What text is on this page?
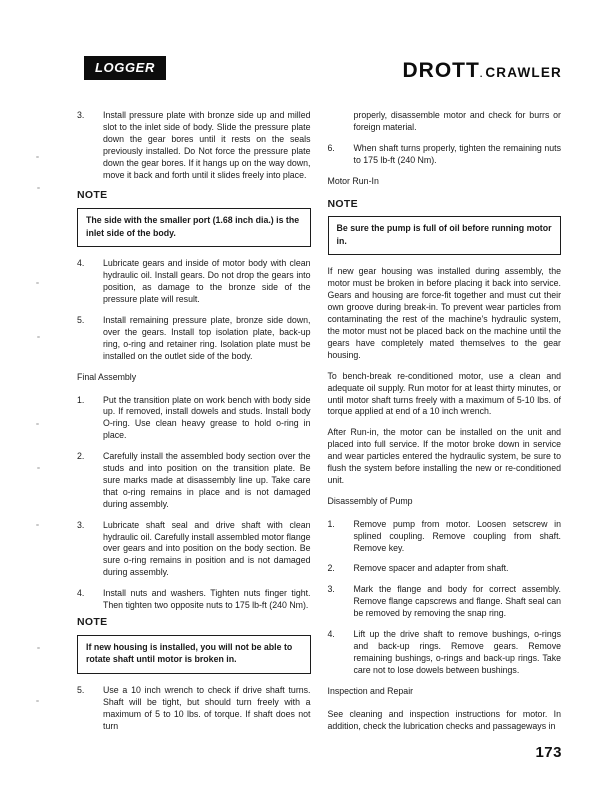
LOGGER	DROTT. CRAWLER
3.	Install pressure plate with bronze side up and milled slot to the inlet side of body. Slide the pressure plate down the gear bores until it rests on the seals previously installed. Do Not force the pressure plate down the gear bores. If it hangs up on the way down, move it back and forth until it slides freely into place.
NOTE
The side with the smaller port (1.68 inch dia.) is the inlet side of the body.
4.	Lubricate gears and inside of motor body with clean hydraulic oil. Install gears. Do not drop the gears into position, as damage to the bronze side of the pressure plate will result.
5.	Install remaining pressure plate, bronze side down, over the gears. Install top isolation plate, back-up ring, o-ring and retainer ring. Isolation plate must be installed on the outlet side of the body.
Final Assembly
1.	Put the transition plate on work bench with body side up. If removed, install dowels and studs. Install body O-ring. Use clean heavy grease to hold o-ring in place.
2.	Carefully install the assembled body section over the studs and into position on the transition plate. Be sure marks made at disassembly line up. Take care that o-ring remains in place and is not damaged during assembly.
3.	Lubricate shaft seal and drive shaft with clean hydraulic oil. Carefully install assembled motor flange over gears and into position on the body section. Be sure o-ring remains in position and is not damaged during assembly.
4.	Install nuts and washers. Tighten nuts finger tight. Then tighten two opposite nuts to 175 lb-ft (240 Nm).
NOTE
If new housing is installed, you will not be able to rotate shaft until motor is broken in.
5.	Use a 10 inch wrench to check if drive shaft turns. Shaft will be tight, but should turn freely with a maximum of 5 to 10 lbs. of torque. If shaft does not turn
properly, disassemble motor and check for burrs or foreign material.
6.	When shaft turns properly, tighten the remaining nuts to 175 lb-ft (240 Nm).
Motor Run-In
NOTE
Be sure the pump is full of oil before running motor in.

If new gear housing was installed during assembly, the motor must be broken in before placing it back into service. Gears and housing are force-fit together and must cut their own groove during break-in. To prevent wear particles from contaminating the rest of the machine's hydraulic system, the motor must not be placed back on the machine until the gears have completely mated themselves to the gear housing.

To bench-break re-conditioned motor, use a clean and adequate oil supply. Run motor for at least thirty minutes, or until motor shaft turns freely with a maximum of 5-10 lbs. of torque applied at end of a 10 inch wrench.

After Run-in, the motor can be installed on the unit and placed into full service. If the motor broke down in service and wear particles entered the hydraulic system, be sure to flush the system before installing the new or re-conditioned unit.

Disassembly of Pump
1.	Remove pump from motor. Loosen setscrew in splined coupling. Remove coupling from shaft. Remove key.
2.	Remove spacer and adapter from shaft.
3.	Mark the flange and body for correct assembly. Remove flange capscrews and flange. Shaft seal can be removed by removing the snap ring.
4.	Lift up the drive shaft to remove bushings, o-rings and back-up rings. Remove gears. Remove remaining bushings, o-rings and back-up rings. Take care not to lose dowels between bushings.
Inspection and Repair

See cleaning and inspection instructions for motor. In addition, check the lubrication checks and passageways in

173
